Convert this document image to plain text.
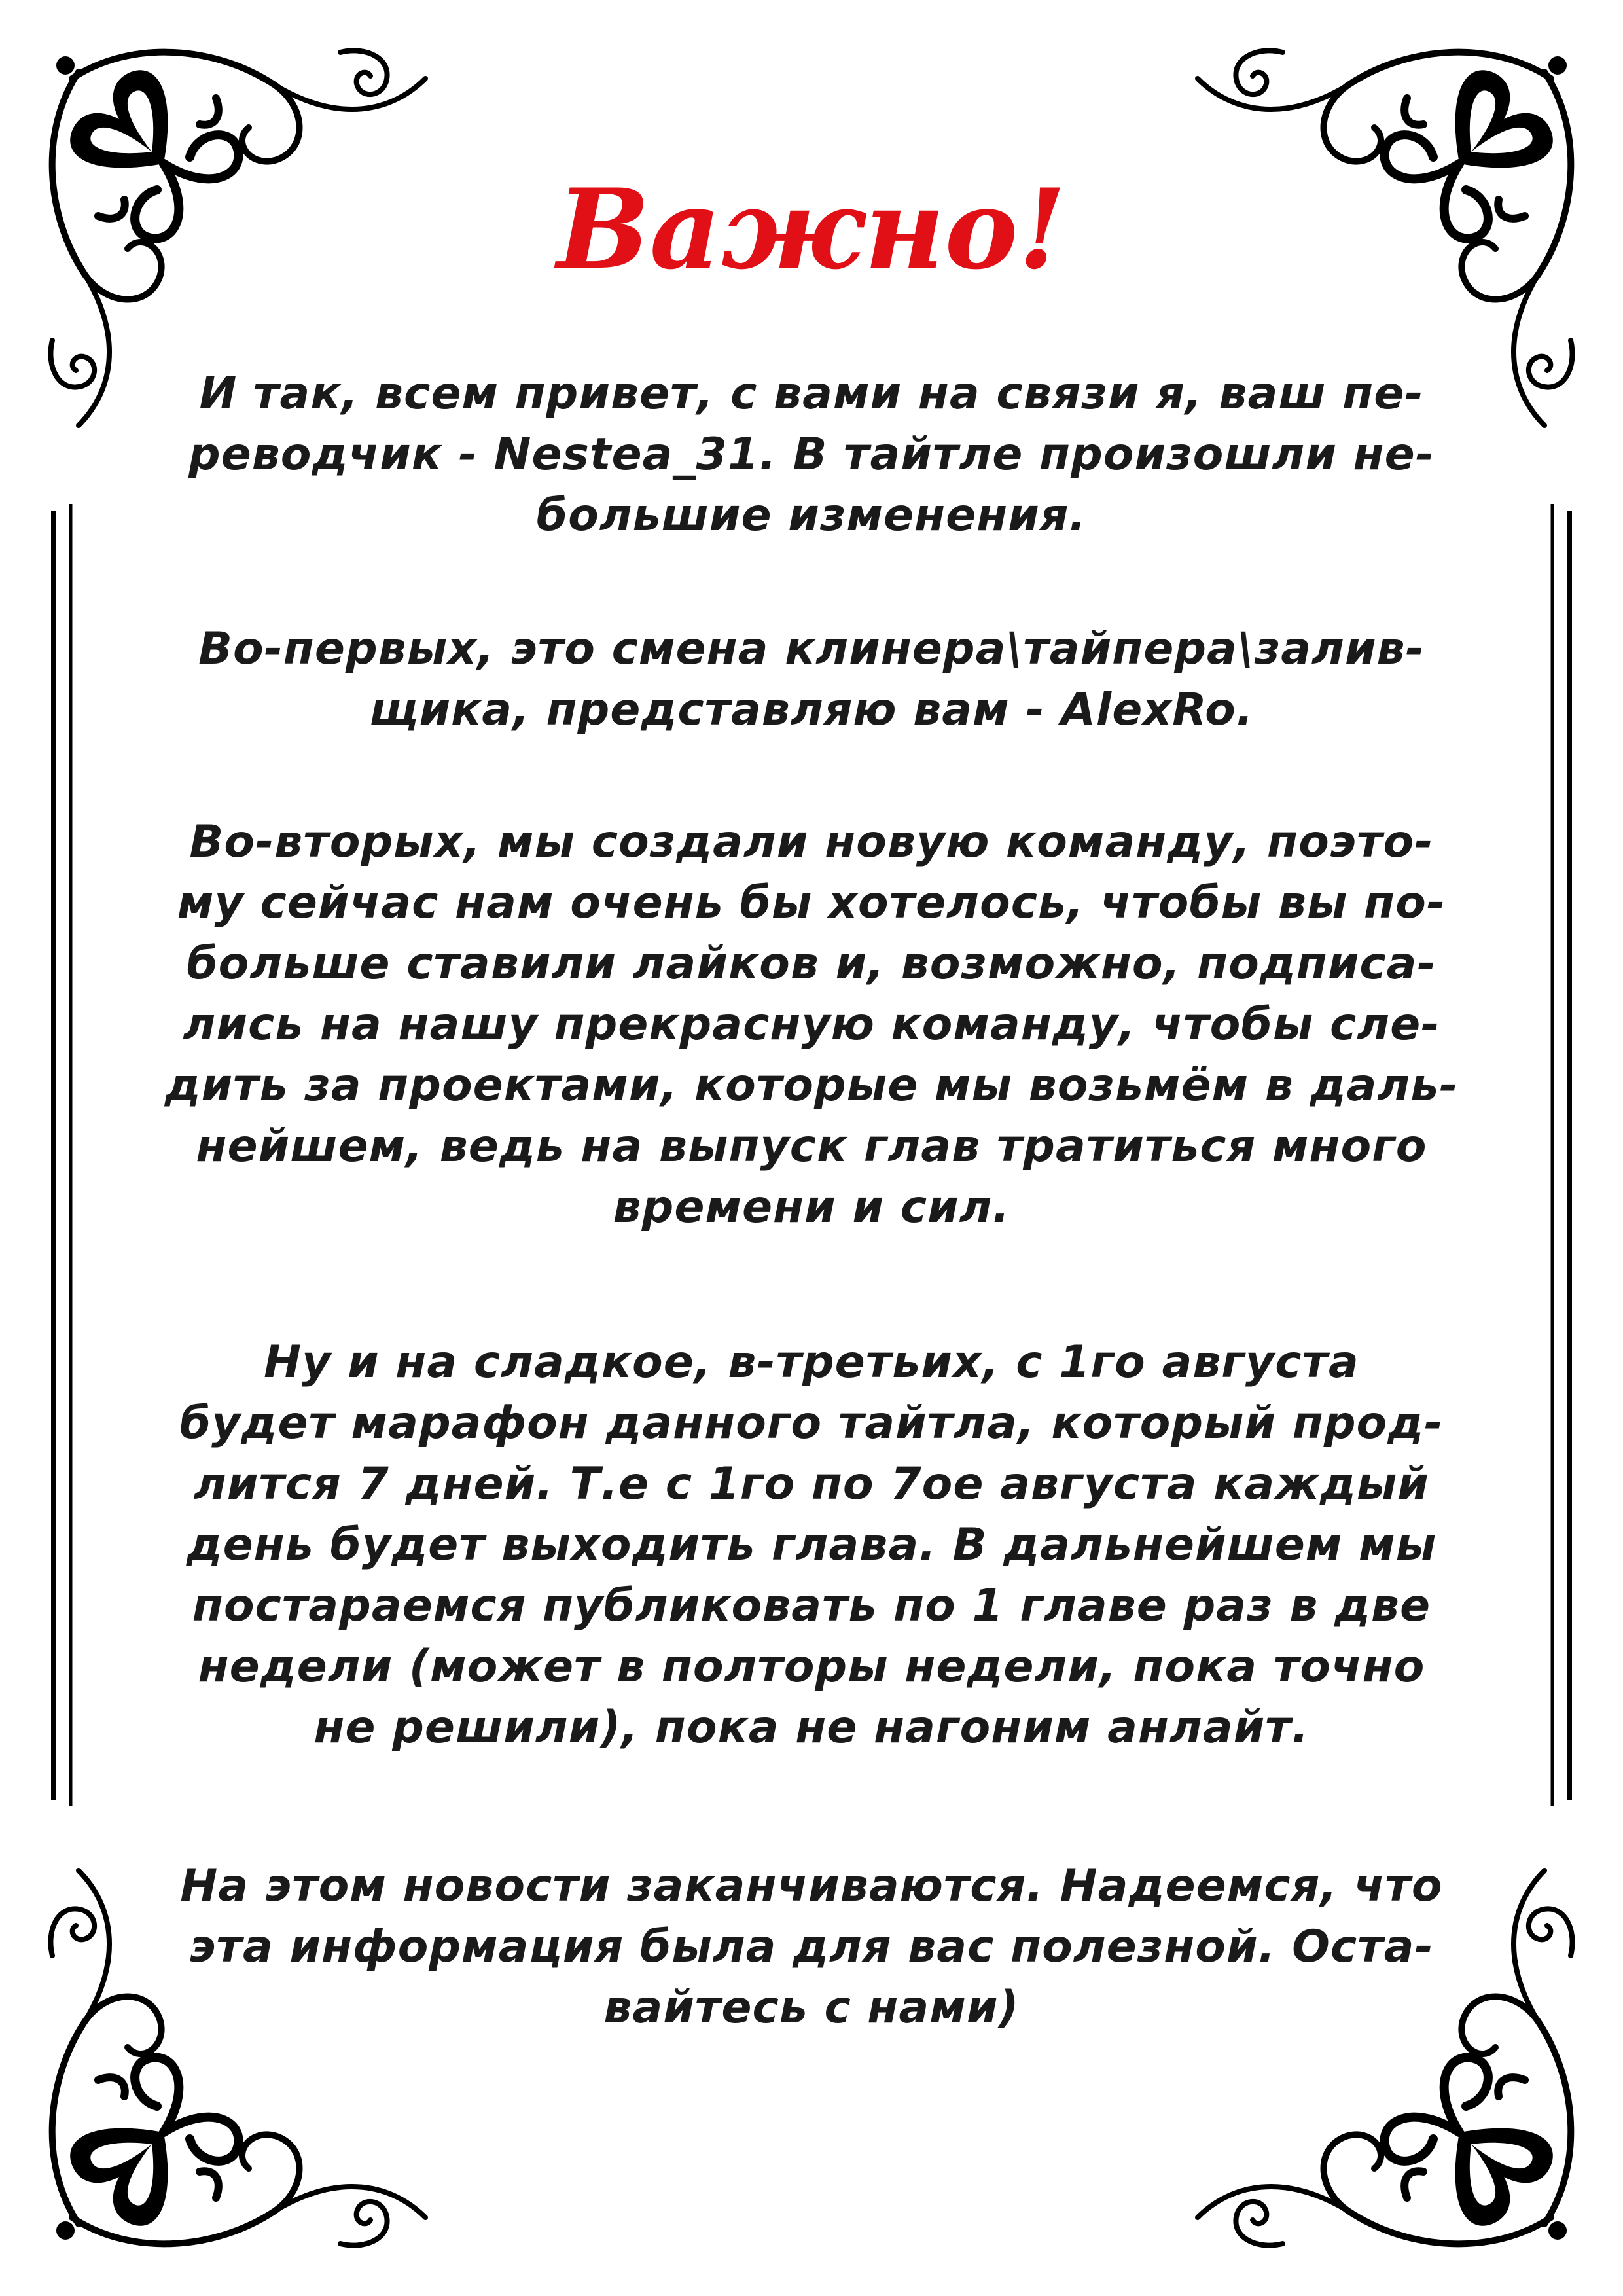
Важно!

И так, всем привет, с вами на связи я, ваш пе-
реводчик - Nestea_31. В тайтле произошли не-
большие изменения.

Во-первых, это смена клинера\тайпера\залив-
щика, представляю вам - AlexRo.

Во-вторых, мы создали новую команду, поэто-
му сейчас нам очень бы хотелось, чтобы вы по-
больше ставили лайков и, возможно, подписа-
лись на нашу прекрасную команду, чтобы сле-
дить за проектами, которые мы возьмём в даль-
нейшем, ведь на выпуск глав тратиться много
времени и сил.

Ну и на сладкое, в-третьих, с 1го августа
будет марафон данного тайтла, который прод-
лится 7 дней. Т.е с 1го по 7ое августа каждый
день будет выходить глава. В дальнейшем мы
постараемся публиковать по 1 главе раз в две
недели (может в полторы недели, пока точно
не решили), пока не нагоним анлайт.

На этом новости заканчиваются. Надеемся, что
эта информация была для вас полезной. Оста-
вайтесь с нами)
